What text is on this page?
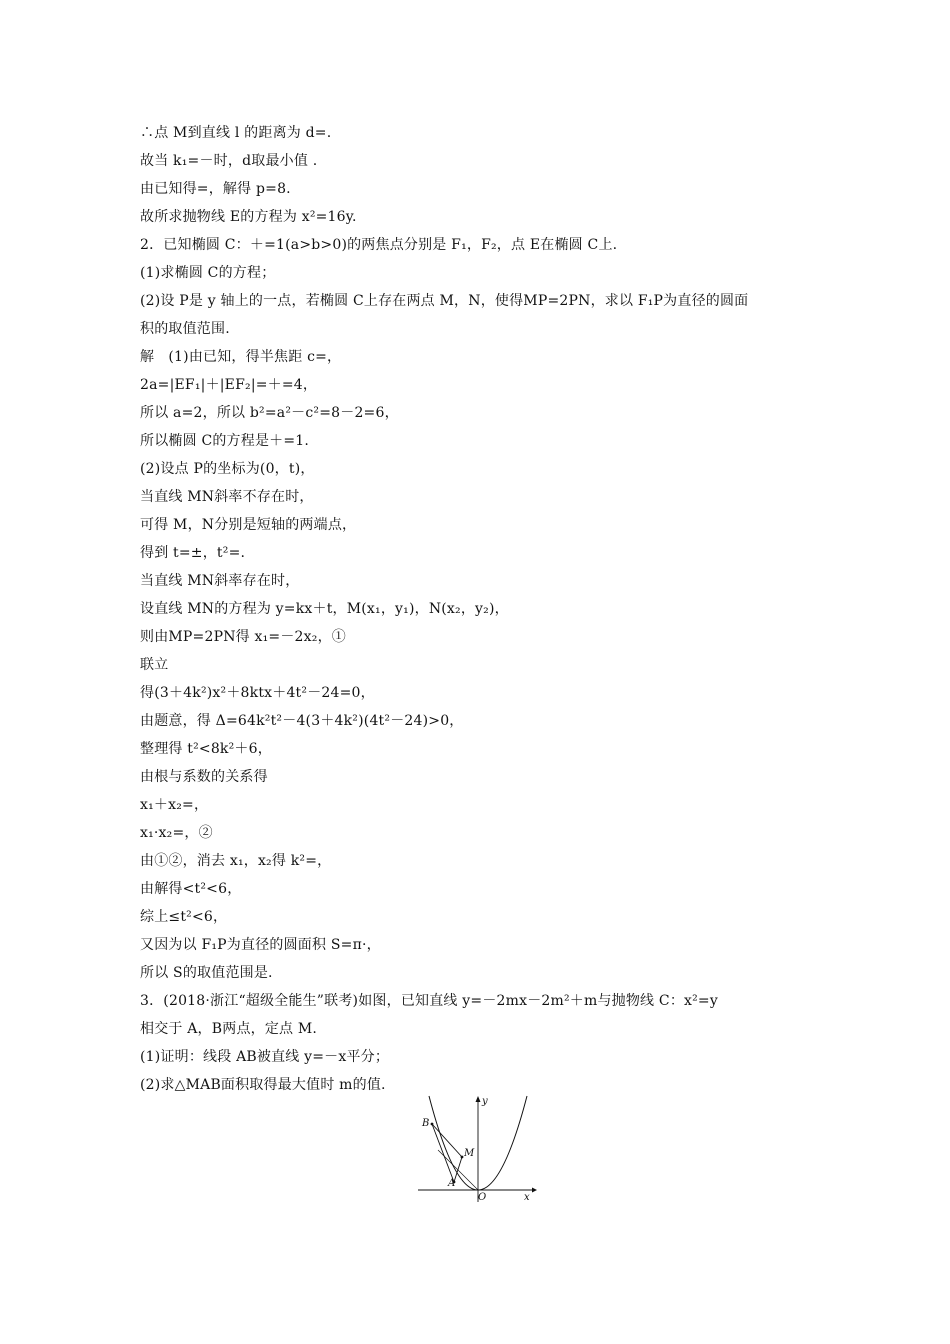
∴点 M到直线 l 的距离为 d=.
故当 k₁=－时，d取最小值 .
由已知得=，解得 p=8.
故所求抛物线 E的方程为 x²=16y.
2．已知椭圆 C：＋=1(a>b>0)的两焦点分别是 F₁，F₂，点 E在椭圆 C上.
(1)求椭圆 C的方程；
(2)设 P是 y 轴上的一点，若椭圆 C上存在两点 M，N，使得MP=2PN，求以 F₁P为直径的圆面
积的取值范围.
解　(1)由已知，得半焦距 c=，
2a=|EF₁|＋|EF₂|=＋=4，
所以 a=2，所以 b²=a²－c²=8－2=6，
所以椭圆 C的方程是＋=1.
(2)设点 P的坐标为(0，t)，
当直线 MN斜率不存在时，
可得 M，N分别是短轴的两端点，
得到 t=±，t²=.
当直线 MN斜率存在时，
设直线 MN的方程为 y=kx＋t，M(x₁，y₁)，N(x₂，y₂)，
则由MP=2PN得 x₁=－2x₂，①
联立
得(3＋4k²)x²＋8ktx＋4t²－24=0，
由题意，得 Δ=64k²t²－4(3＋4k²)(4t²－24)>0，
整理得 t²<8k²＋6，
由根与系数的关系得
x₁＋x₂=，
x₁·x₂=，②
由①②，消去 x₁，x₂得 k²=，
由解得<t²<6，
综上≤t²<6，
又因为以 F₁P为直径的圆面积 S=π·，
所以 S的取值范围是.
3．(2018·浙江“超级全能生”联考)如图，已知直线 y=－2mx－2m²＋m与抛物线 C：x²=y
相交于 A，B两点，定点 M.
(1)证明：线段 AB被直线 y=－x平分；
(2)求△MAB面积取得最大值时 m的值.
y
x
O
A
B
M
